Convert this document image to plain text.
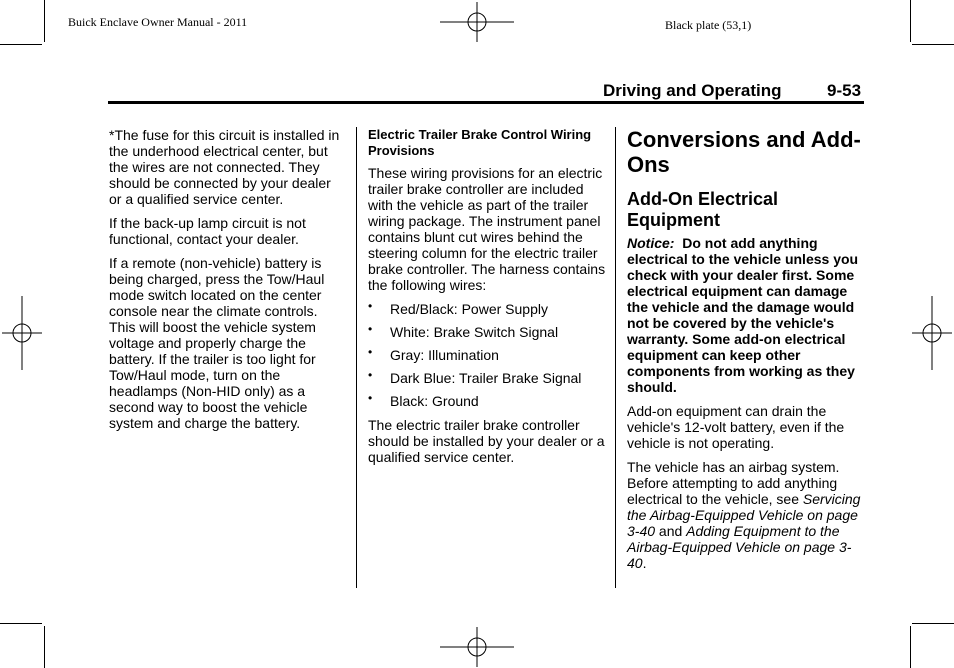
Buick Enclave Owner Manual - 2011	Black plate (53,1)
Driving and Operating	9-53

*The fuse for this circuit is installed in the underhood electrical center, but the wires are not connected. They should be connected by your dealer or a qualified service center.

If the back-up lamp circuit is not functional, contact your dealer.

If a remote (non-vehicle) battery is being charged, press the Tow/Haul mode switch located on the center console near the climate controls. This will boost the vehicle system voltage and properly charge the battery. If the trailer is too light for Tow/Haul mode, turn on the headlamps (Non-HID only) as a second way to boost the vehicle system and charge the battery.

Electric Trailer Brake Control Wiring Provisions

These wiring provisions for an electric trailer brake controller are included with the vehicle as part of the trailer wiring package. The instrument panel contains blunt cut wires behind the steering column for the electric trailer brake controller. The harness contains the following wires:

• Red/Black: Power Supply
• White: Brake Switch Signal
• Gray: Illumination
• Dark Blue: Trailer Brake Signal
• Black: Ground

The electric trailer brake controller should be installed by your dealer or a qualified service center.

Conversions and Add-Ons
Add-On Electrical Equipment

Notice: Do not add anything electrical to the vehicle unless you check with your dealer first. Some electrical equipment can damage the vehicle and the damage would not be covered by the vehicle's warranty. Some add-on electrical equipment can keep other components from working as they should.

Add-on equipment can drain the vehicle's 12-volt battery, even if the vehicle is not operating.

The vehicle has an airbag system. Before attempting to add anything electrical to the vehicle, see Servicing the Airbag-Equipped Vehicle on page 3-40 and Adding Equipment to the Airbag-Equipped Vehicle on page 3-40.
